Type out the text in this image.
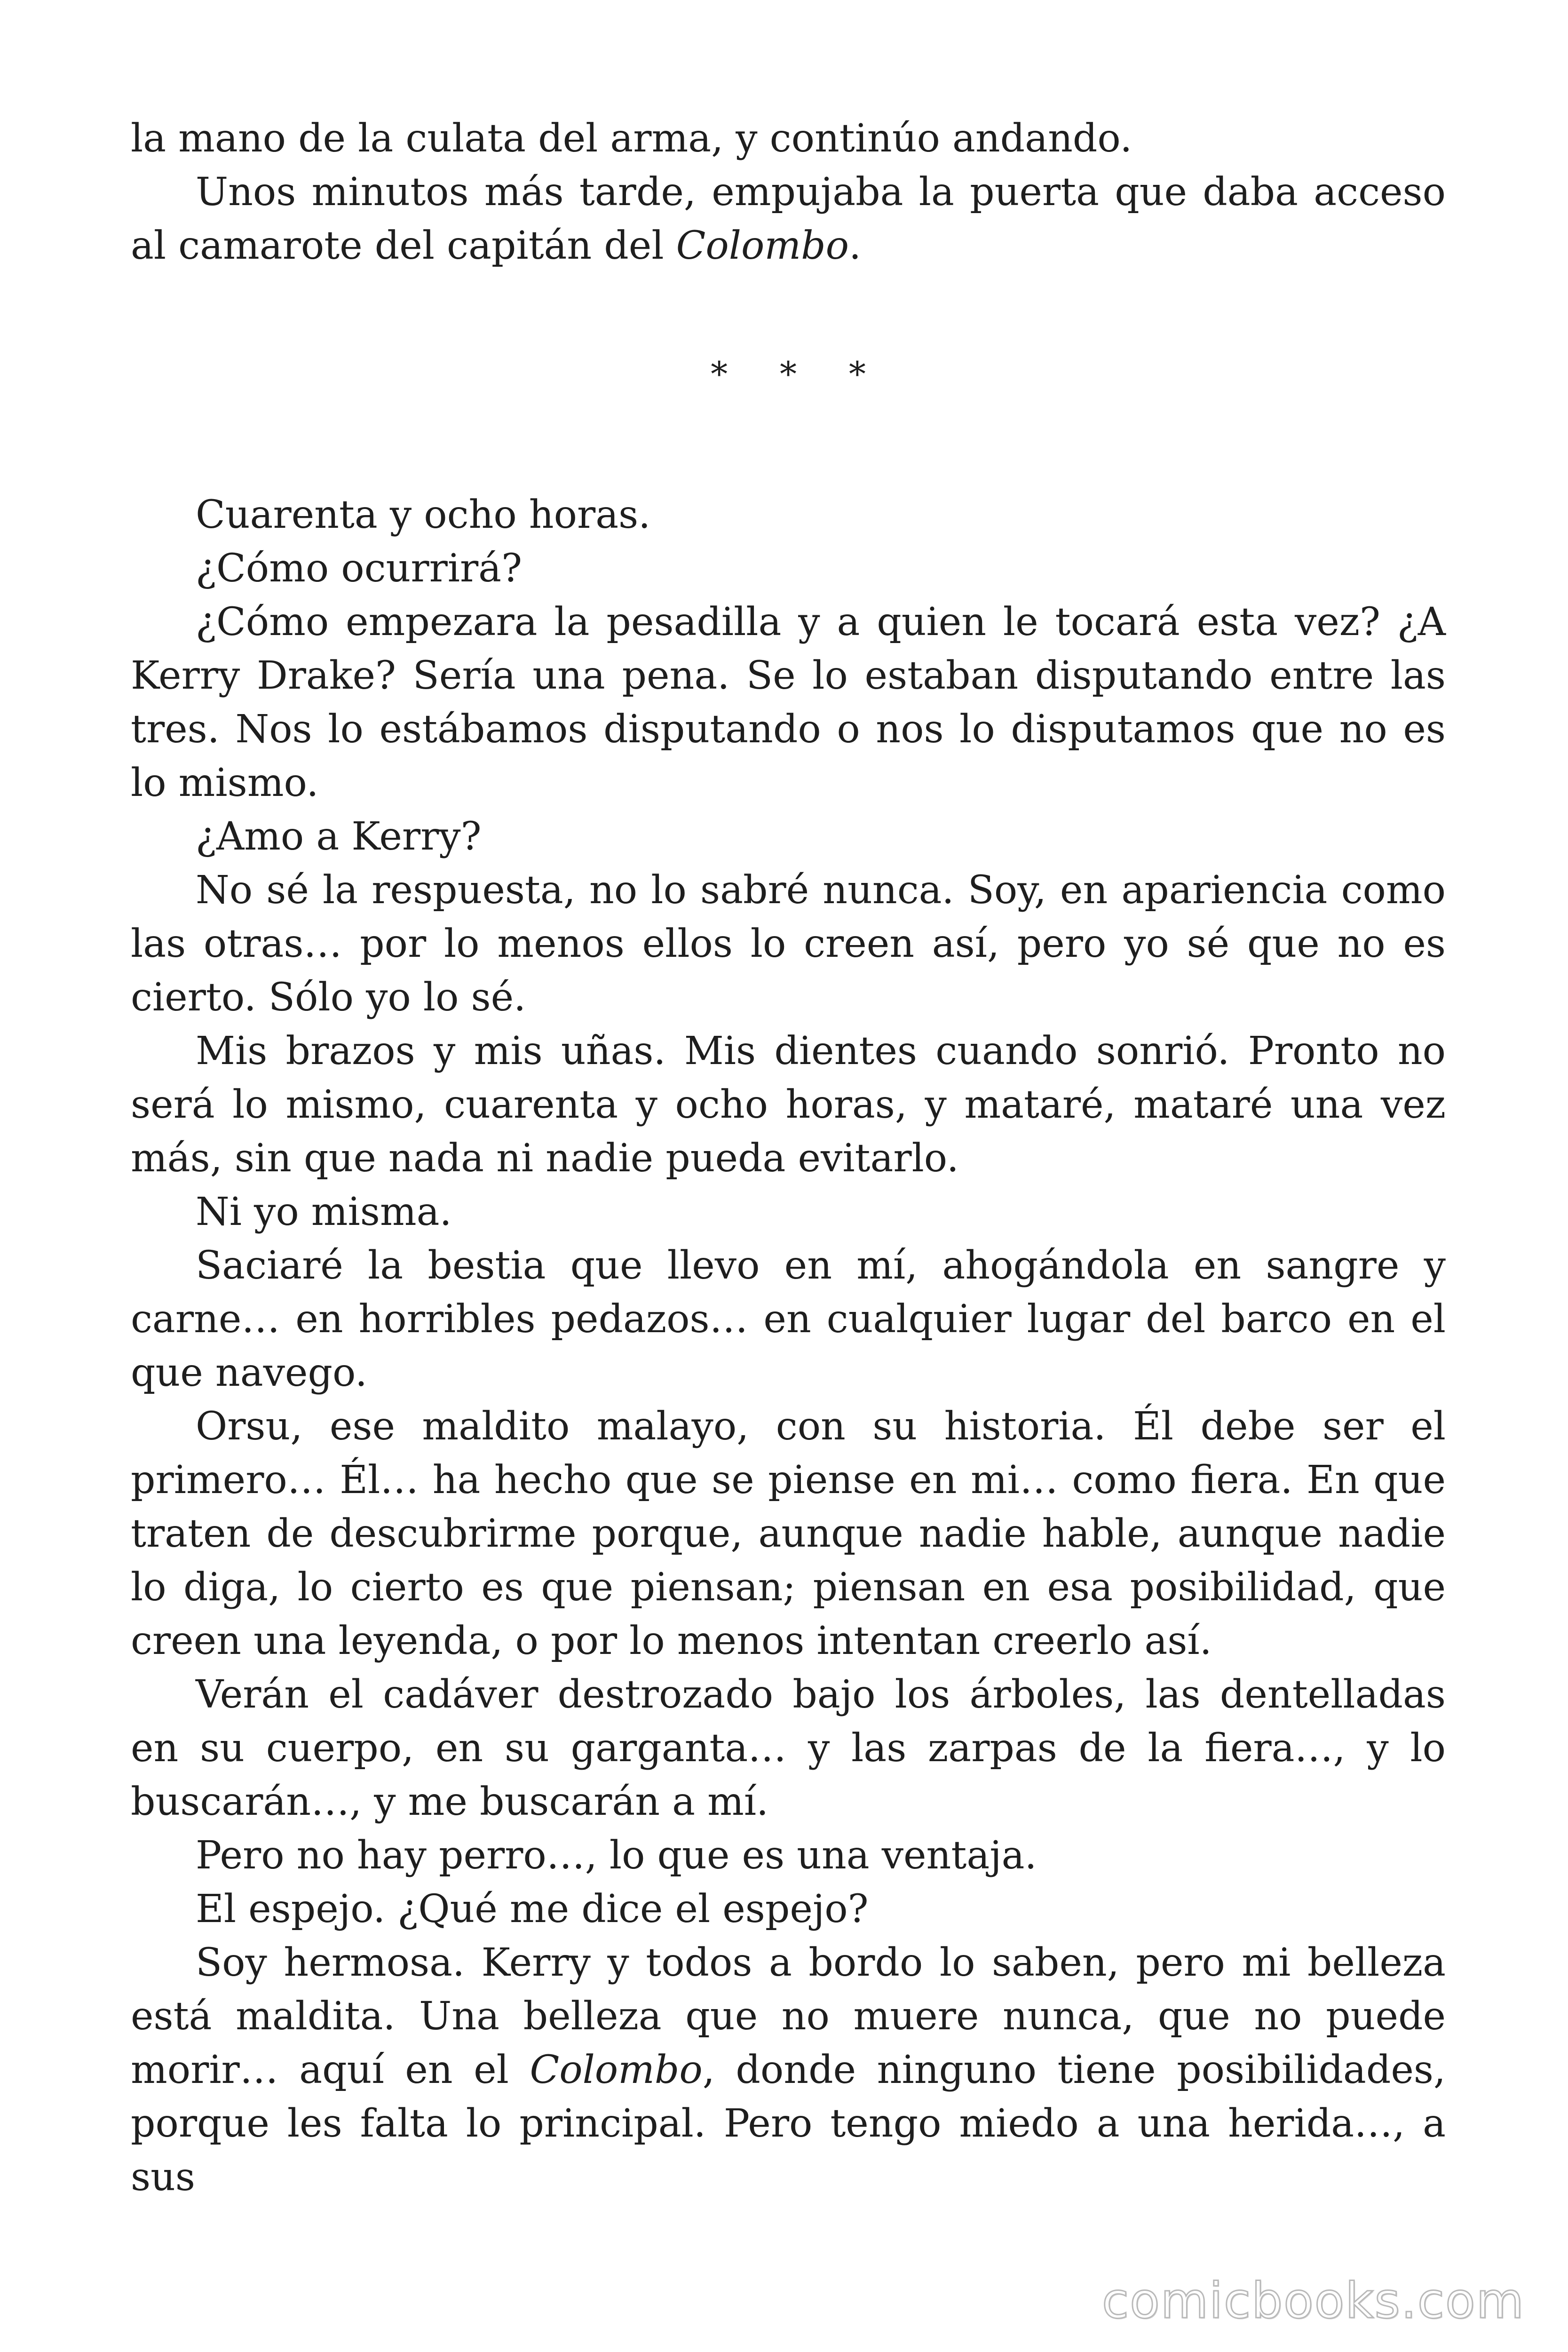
la mano de la culata del arma, y continúo andando.

Unos minutos más tarde, empujaba la puerta que daba acceso al camarote del capitán del Colombo.

* * *

Cuarenta y ocho horas.

¿Cómo ocurrirá?

¿Cómo empezara la pesadilla y a quien le tocará esta vez? ¿A Kerry Drake? Sería una pena. Se lo estaban disputando entre las tres. Nos lo estábamos disputando o nos lo disputamos que no es lo mismo.

¿Amo a Kerry?

No sé la respuesta, no lo sabré nunca. Soy, en apariencia como las otras… por lo menos ellos lo creen así, pero yo sé que no es cierto. Sólo yo lo sé.

Mis brazos y mis uñas. Mis dientes cuando sonrió. Pronto no será lo mismo, cuarenta y ocho horas, y mataré, mataré una vez más, sin que nada ni nadie pueda evitarlo.

Ni yo misma.

Saciaré la bestia que llevo en mí, ahogándola en sangre y carne… en horribles pedazos… en cualquier lugar del barco en el que navego.

Orsu, ese maldito malayo, con su historia. Él debe ser el primero… Él… ha hecho que se piense en mi… como fiera. En que traten de descubrirme porque, aunque nadie hable, aunque nadie lo diga, lo cierto es que piensan; piensan en esa posibilidad, que creen una leyenda, o por lo menos intentan creerlo así.

Verán el cadáver destrozado bajo los árboles, las dentelladas en su cuerpo, en su garganta… y las zarpas de la fiera…, y lo buscarán…, y me buscarán a mí.

Pero no hay perro…, lo que es una ventaja.

El espejo. ¿Qué me dice el espejo?

Soy hermosa. Kerry y todos a bordo lo saben, pero mi belleza está maldita. Una belleza que no muere nunca, que no puede morir… aquí en el Colombo, donde ninguno tiene posibilidades, porque les falta lo principal. Pero tengo miedo a una herida…, a sus

comicbooks.com
